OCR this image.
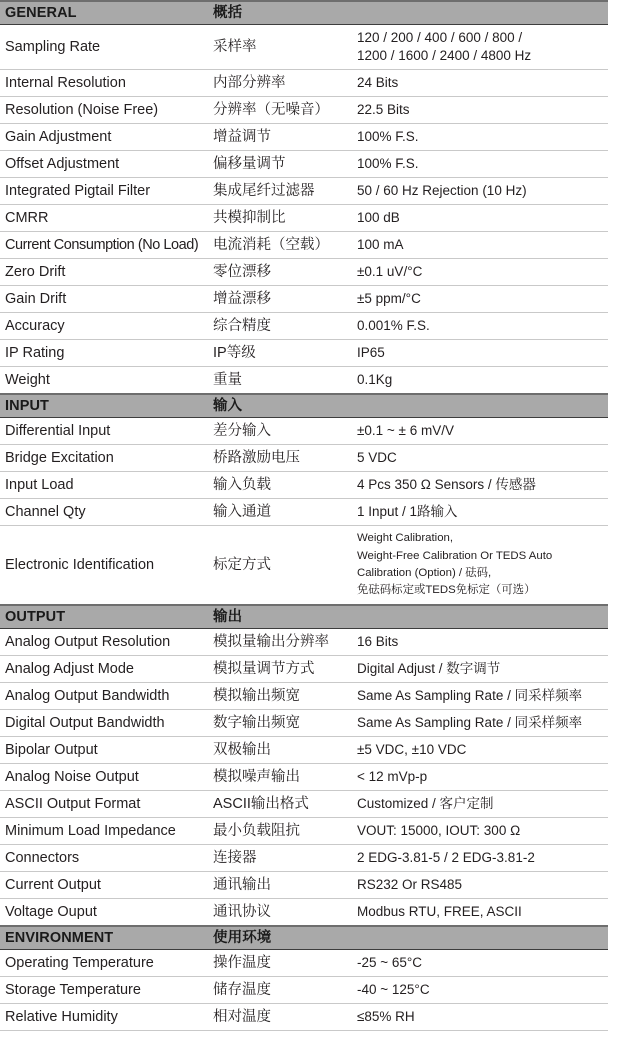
GENERAL	概括	
Sampling Rate	采样率	120 / 200 / 400 / 600 / 800 /
1200 / 1600 / 2400 / 4800 Hz

Internal Resolution	内部分辨率	24 Bits

Resolution (Noise Free)	分辨率（无噪音）	22.5 Bits

Gain Adjustment	增益调节	100% F.S.

Offset Adjustment	偏移量调节	100% F.S.

Integrated Pigtail Filter	集成尾纤过滤器	50 / 60 Hz Rejection (10 Hz)

CMRR	共模抑制比	100 dB

Current Consumption (No Load)	电流消耗（空载）	100 mA

Zero Drift	零位漂移	±0.1 uV/°C

Gain Drift	增益漂移	±5 ppm/°C

Accuracy	综合精度	0.001% F.S.

IP Rating	IP等级	IP65

Weight	重量	0.1Kg

INPUT	输入	
Differential Input	差分输入	±0.1 ~ ± 6 mV/V

Bridge Excitation	桥路激励电压	5 VDC

Input Load	输入负载	4 Pcs 350 Ω Sensors / 传感器

Channel Qty	输入通道	1 Input / 1路输入

Electronic Identification	标定方式	Weight Calibration,
Weight-Free Calibration Or TEDS Auto
Calibration (Option) / 砝码,
免砝码标定或TEDS免标定（可选）

OUTPUT	输出	
Analog Output Resolution	模拟量输出分辨率	16 Bits

Analog Adjust Mode	模拟量调节方式	Digital Adjust / 数字调节

Analog Output Bandwidth	模拟输出频宽	Same As Sampling Rate / 同采样频率

Digital Output Bandwidth	数字输出频宽	Same As Sampling Rate / 同采样频率

Bipolar Output	双极输出	±5 VDC, ±10 VDC

Analog Noise Output	模拟噪声输出	< 12 mVp-p

ASCII Output Format	ASCII输出格式	Customized / 客户定制

Minimum Load Impedance	最小负载阻抗	VOUT: 15000, IOUT: 300 Ω

Connectors	连接器	2 EDG-3.81-5 / 2 EDG-3.81-2

Current Output	通讯输出	RS232 Or RS485

Voltage Ouput	通讯协议	Modbus RTU, FREE, ASCII

ENVIRONMENT	使用环境	
Operating Temperature	操作温度	-25 ~ 65°C

Storage Temperature	储存温度	-40 ~ 125°C

Relative Humidity	相对温度	≤85% RH
